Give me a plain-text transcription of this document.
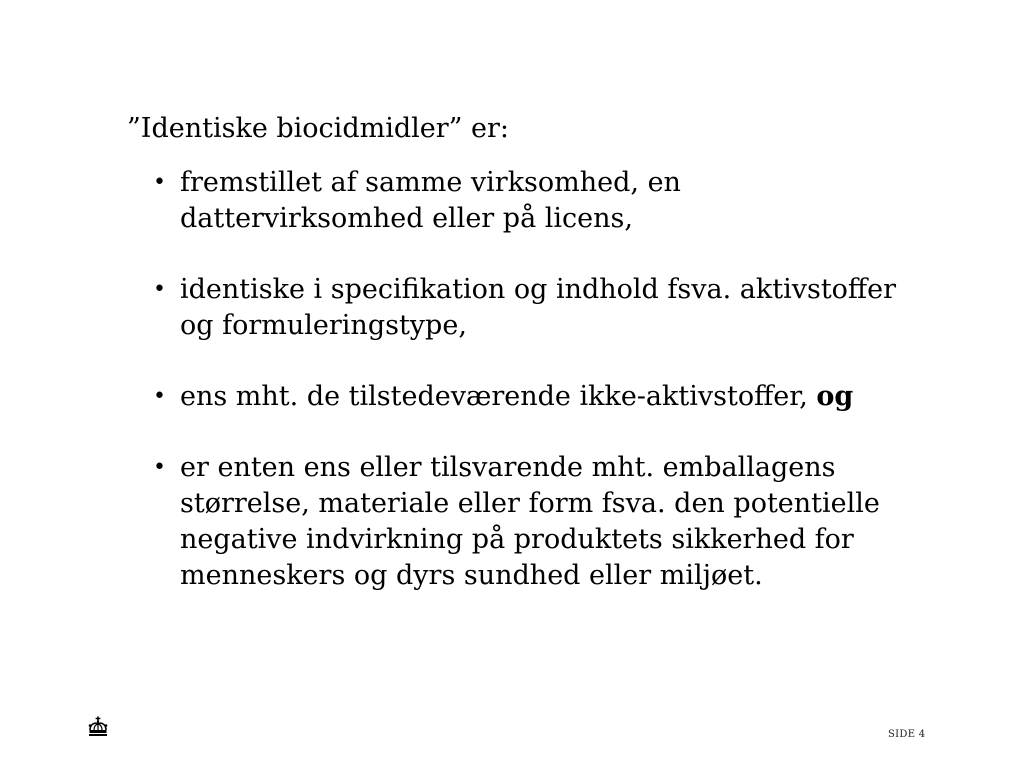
”Identiske biocidmidler” er:
• fremstillet af samme virksomhed, en
dattervirksomhed eller på licens,
• identiske i specifikation og indhold fsva. aktivstoffer
og formuleringstype,
• ens mht. de tilstedeværende ikke-aktivstoffer, og
• er enten ens eller tilsvarende mht. emballagens
størrelse, materiale eller form fsva. den potentielle
negative indvirkning på produktets sikkerhed for
menneskers og dyrs sundhed eller miljøet.
SIDE 4
